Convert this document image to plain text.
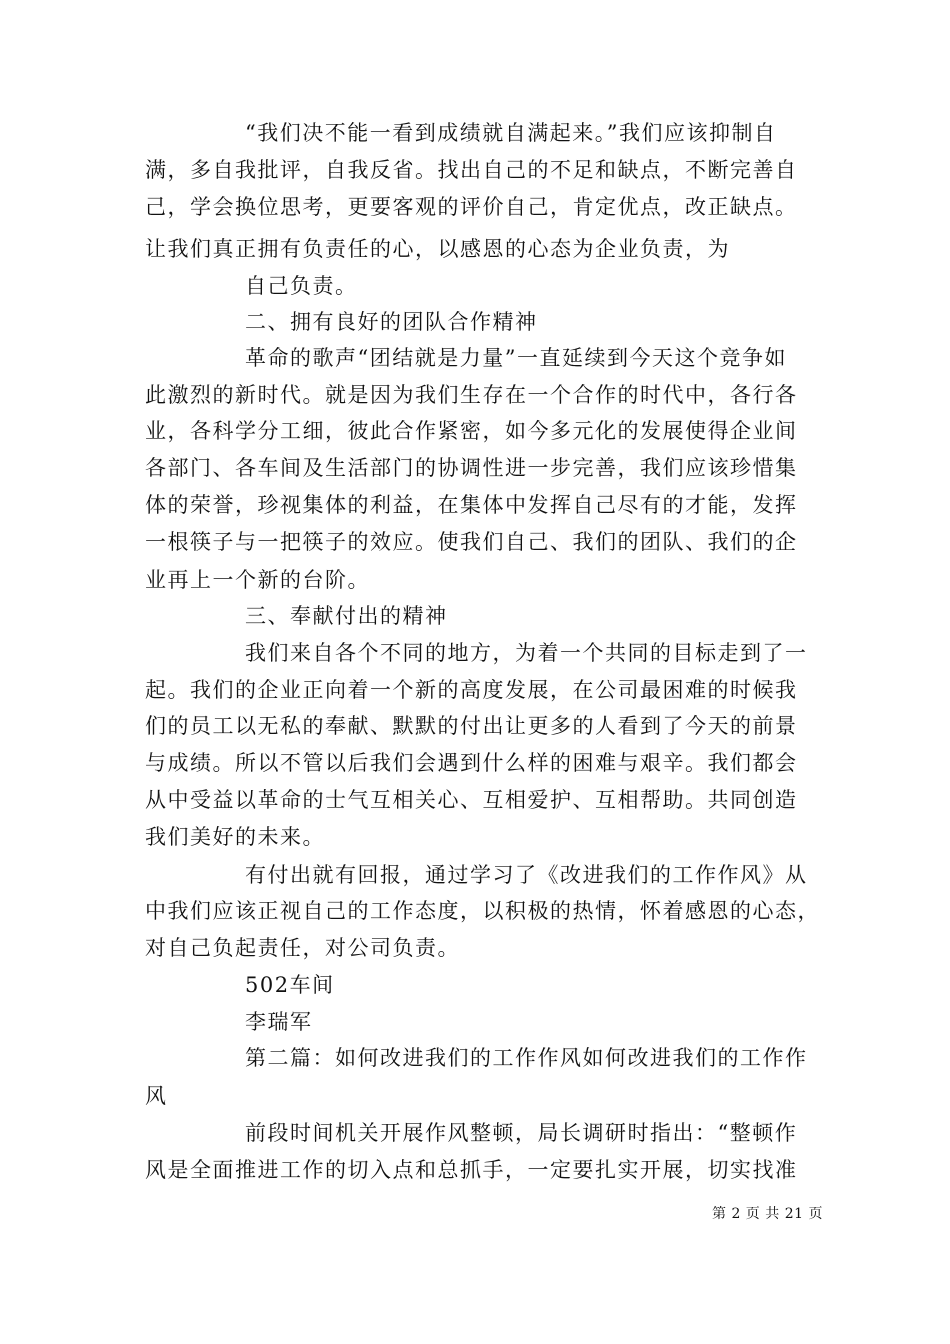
“我们决不能一看到成绩就自满起来。”我们应该抑制自
满，多自我批评，自我反省。找出自己的不足和缺点，不断完善自
己，学会换位思考，更要客观的评价自己，肯定优点，改正缺点。
让我们真正拥有负责任的心，以感恩的心态为企业负责，为
自己负责。
二、拥有良好的团队合作精神
革命的歌声“团结就是力量”一直延续到今天这个竞争如
此激烈的新时代。就是因为我们生存在一个合作的时代中，各行各
业，各科学分工细，彼此合作紧密，如今多元化的发展使得企业间
各部门、各车间及生活部门的协调性进一步完善，我们应该珍惜集
体的荣誉，珍视集体的利益，在集体中发挥自己尽有的才能，发挥
一根筷子与一把筷子的效应。使我们自己、我们的团队、我们的企
业再上一个新的台阶。
三、奉献付出的精神
我们来自各个不同的地方，为着一个共同的目标走到了一
起。我们的企业正向着一个新的高度发展，在公司最困难的时候我
们的员工以无私的奉献、默默的付出让更多的人看到了今天的前景
与成绩。所以不管以后我们会遇到什么样的困难与艰辛。我们都会
从中受益以革命的士气互相关心、互相爱护、互相帮助。共同创造
我们美好的未来。
有付出就有回报，通过学习了《改进我们的工作作风》从
中我们应该正视自己的工作态度，以积极的热情，怀着感恩的心态，
对自己负起责任，对公司负责。
502车间
李瑞军
第二篇：如何改进我们的工作作风如何改进我们的工作作
风
前段时间机关开展作风整顿，局长调研时指出：“整顿作
风是全面推进工作的切入点和总抓手，一定要扎实开展，切实找准
第 2 页 共 21 页
